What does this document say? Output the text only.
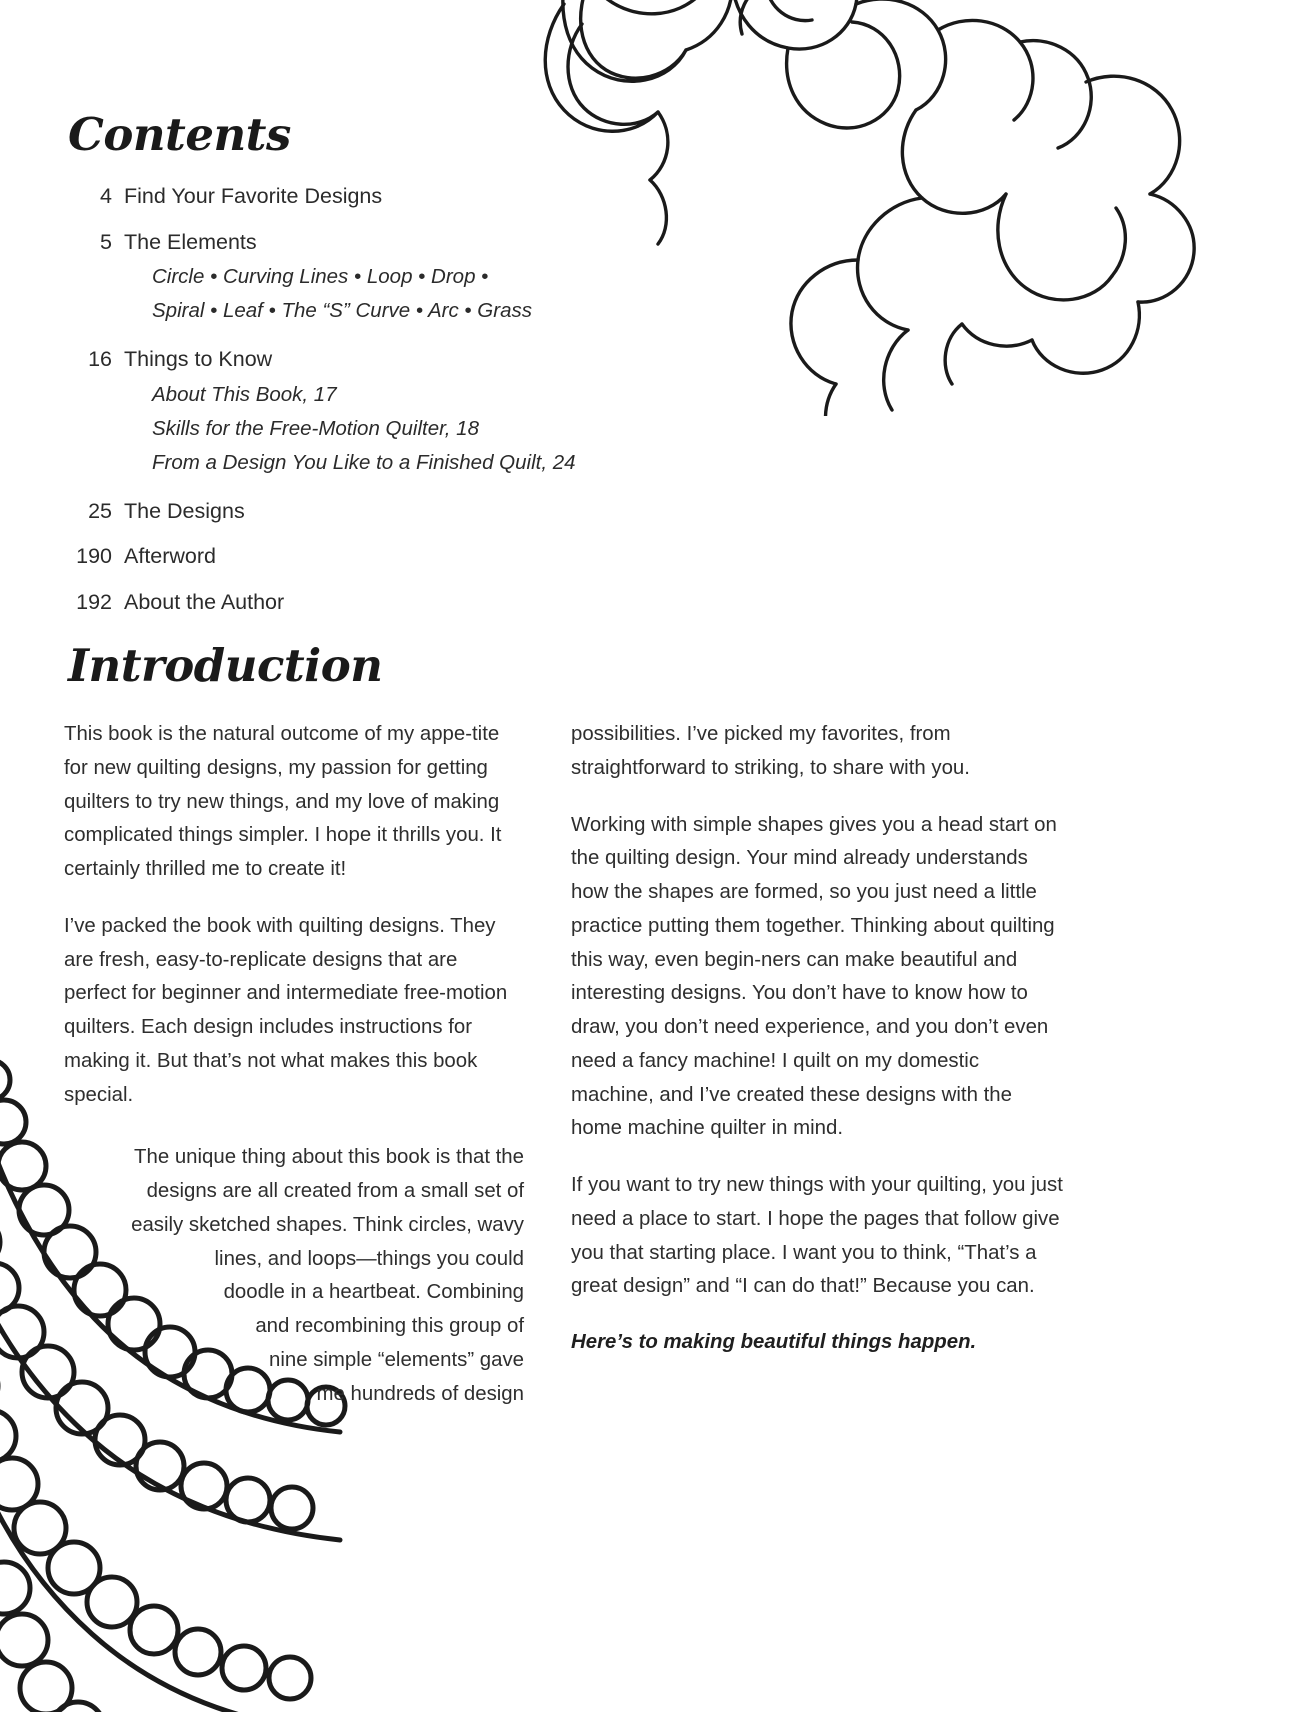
Contents
4 Find Your Favorite Designs
5 The Elements
Circle • Curving Lines • Loop • Drop •
Spiral • Leaf • The “S” Curve • Arc • Grass
16 Things to Know
About This Book, 17
Skills for the Free-Motion Quilter, 18
From a Design You Like to a Finished Quilt, 24
25 The Designs
190 Afterword
192 About the Author
Introduction

This book is the natural outcome of my appe-tite for new quilting designs, my passion for getting quilters to try new things, and my love of making complicated things simpler. I hope it thrills you. It certainly thrilled me to create it!

I’ve packed the book with quilting designs. They are fresh, easy-to-replicate designs that are perfect for beginner and intermediate free-motion quilters. Each design includes instructions for making it. But that’s not what makes this book special.

The unique thing about this book is that the
designs are all created from a small set of
easily sketched shapes. Think circles, wavy
lines, and loops—things you could
doodle in a heartbeat. Combining
and recombining this group of
nine simple “elements” gave
me hundreds of design

possibilities. I’ve picked my favorites, from straightforward to striking, to share with you.

Working with simple shapes gives you a head start on the quilting design. Your mind already understands how the shapes are formed, so you just need a little practice putting them together. Thinking about quilting this way, even begin-ners can make beautiful and interesting designs. You don’t have to know how to draw, you don’t need experience, and you don’t even need a fancy machine! I quilt on my domestic machine, and I’ve created these designs with the home machine quilter in mind.

If you want to try new things with your quilting, you just need a place to start. I hope the pages that follow give you that starting place. I want you to think, “That’s a great design” and “I can do that!” Because you can.

Here’s to making beautiful things happen.
